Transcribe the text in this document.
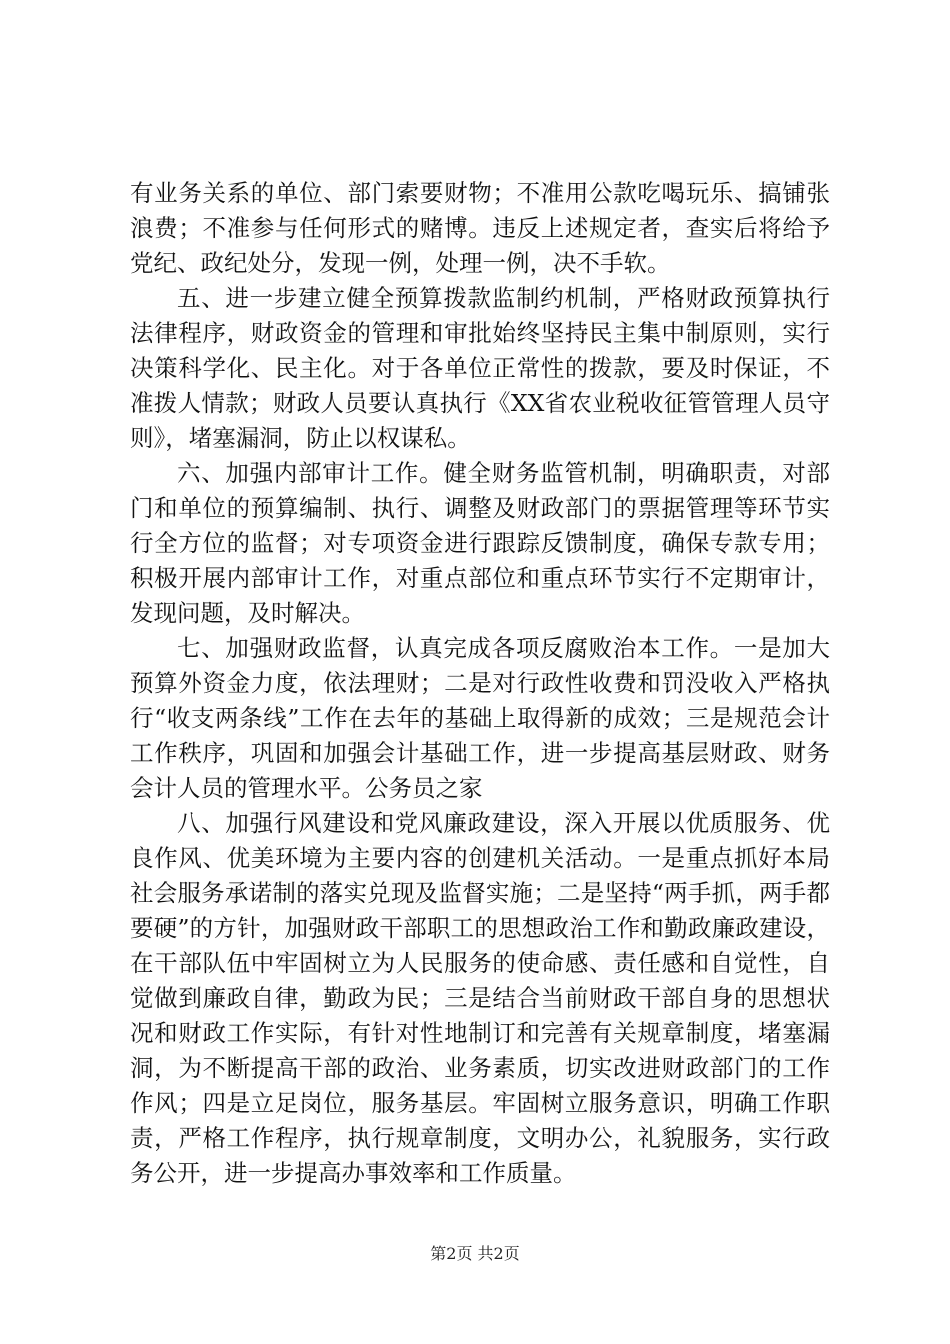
有业务关系的单位、部门索要财物；不准用公款吃喝玩乐、搞铺张浪费；不准参与任何形式的赌博。违反上述规定者，查实后将给予党纪、政纪处分，发现一例，处理一例，决不手软。

五、进一步建立健全预算拨款监制约机制，严格财政预算执行法律程序，财政资金的管理和审批始终坚持民主集中制原则，实行决策科学化、民主化。对于各单位正常性的拨款，要及时保证，不准拨人情款；财政人员要认真执行《XX省农业税收征管管理人员守则》，堵塞漏洞，防止以权谋私。

六、加强内部审计工作。健全财务监管机制，明确职责，对部门和单位的预算编制、执行、调整及财政部门的票据管理等环节实行全方位的监督；对专项资金进行跟踪反馈制度，确保专款专用；积极开展内部审计工作，对重点部位和重点环节实行不定期审计，发现问题，及时解决。

七、加强财政监督，认真完成各项反腐败治本工作。一是加大预算外资金力度，依法理财；二是对行政性收费和罚没收入严格执行“收支两条线”工作在去年的基础上取得新的成效；三是规范会计工作秩序，巩固和加强会计基础工作，进一步提高基层财政、财务会计人员的管理水平。公务员之家

八、加强行风建设和党风廉政建设，深入开展以优质服务、优良作风、优美环境为主要内容的创建机关活动。一是重点抓好本局社会服务承诺制的落实兑现及监督实施；二是坚持“两手抓，两手都要硬”的方针，加强财政干部职工的思想政治工作和勤政廉政建设，在干部队伍中牢固树立为人民服务的使命感、责任感和自觉性，自觉做到廉政自律，勤政为民；三是结合当前财政干部自身的思想状况和财政工作实际，有针对性地制订和完善有关规章制度，堵塞漏洞，为不断提高干部的政治、业务素质，切实改进财政部门的工作作风；四是立足岗位，服务基层。牢固树立服务意识，明确工作职责，严格工作程序，执行规章制度，文明办公，礼貌服务，实行政务公开，进一步提高办事效率和工作质量。

第2页 共2页
